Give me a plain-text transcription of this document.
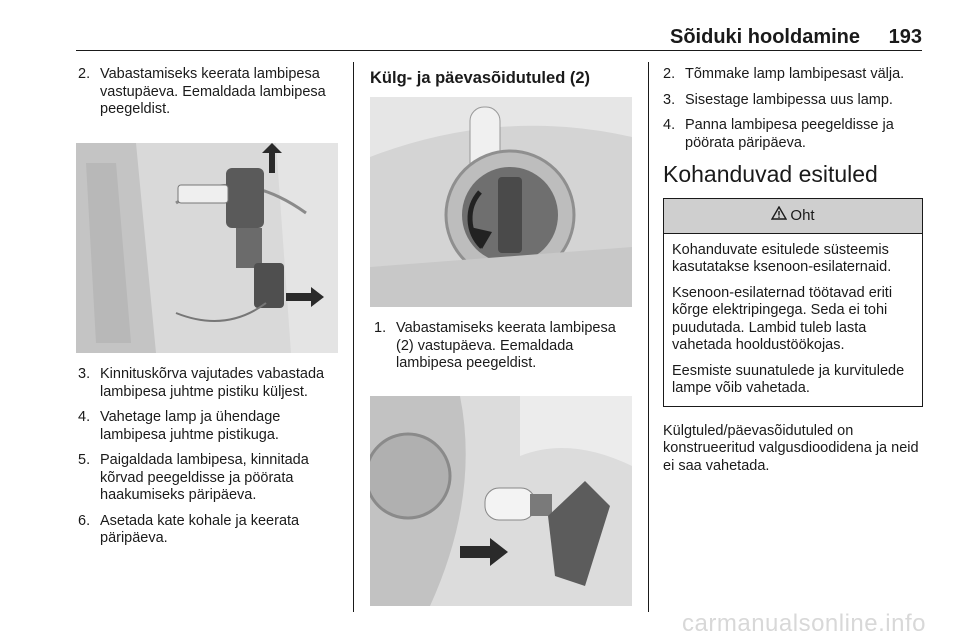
Sõiduki hooldamine 193
2. Vabastamiseks keerata lambipesa vastupäeva. Eemaldada lambipesa peegeldist.
3. Kinnituskõrva vajutades vabastada lambipesa juhtme pistiku küljest.
4. Vahetage lamp ja ühendage lambipesa juhtme pistikuga.
5. Paigaldada lambipesa, kinnitada kõrvad peegeldisse ja pöörata haakumiseks päripäeva.
6. Asetada kate kohale ja keerata päripäeva.
Külg- ja päevasõidutuled (2)
1. Vabastamiseks keerata lambipesa (2) vastupäeva. Eemaldada lambipesa peegeldist.
2. Tõmmake lamp lambipesast välja.
3. Sisestage lambipessa uus lamp.
4. Panna lambipesa peegeldisse ja pöörata päripäeva.
Kohanduvad esituled
Oht

Kohanduvate esitulede süsteemis kasutatakse ksenoon-esilaternaid.

Ksenoon-esilaternad töötavad eriti kõrge elektripingega. Seda ei tohi puudutada. Lambid tuleb lasta vahetada hooldustöökojas.

Eesmiste suunatulede ja kurvitulede lampe võib vahetada.

Külgtuled/päevasõidutuled on konstrueeritud valgusdioodidena ja neid ei saa vahetada.

carmanualsonline.info
